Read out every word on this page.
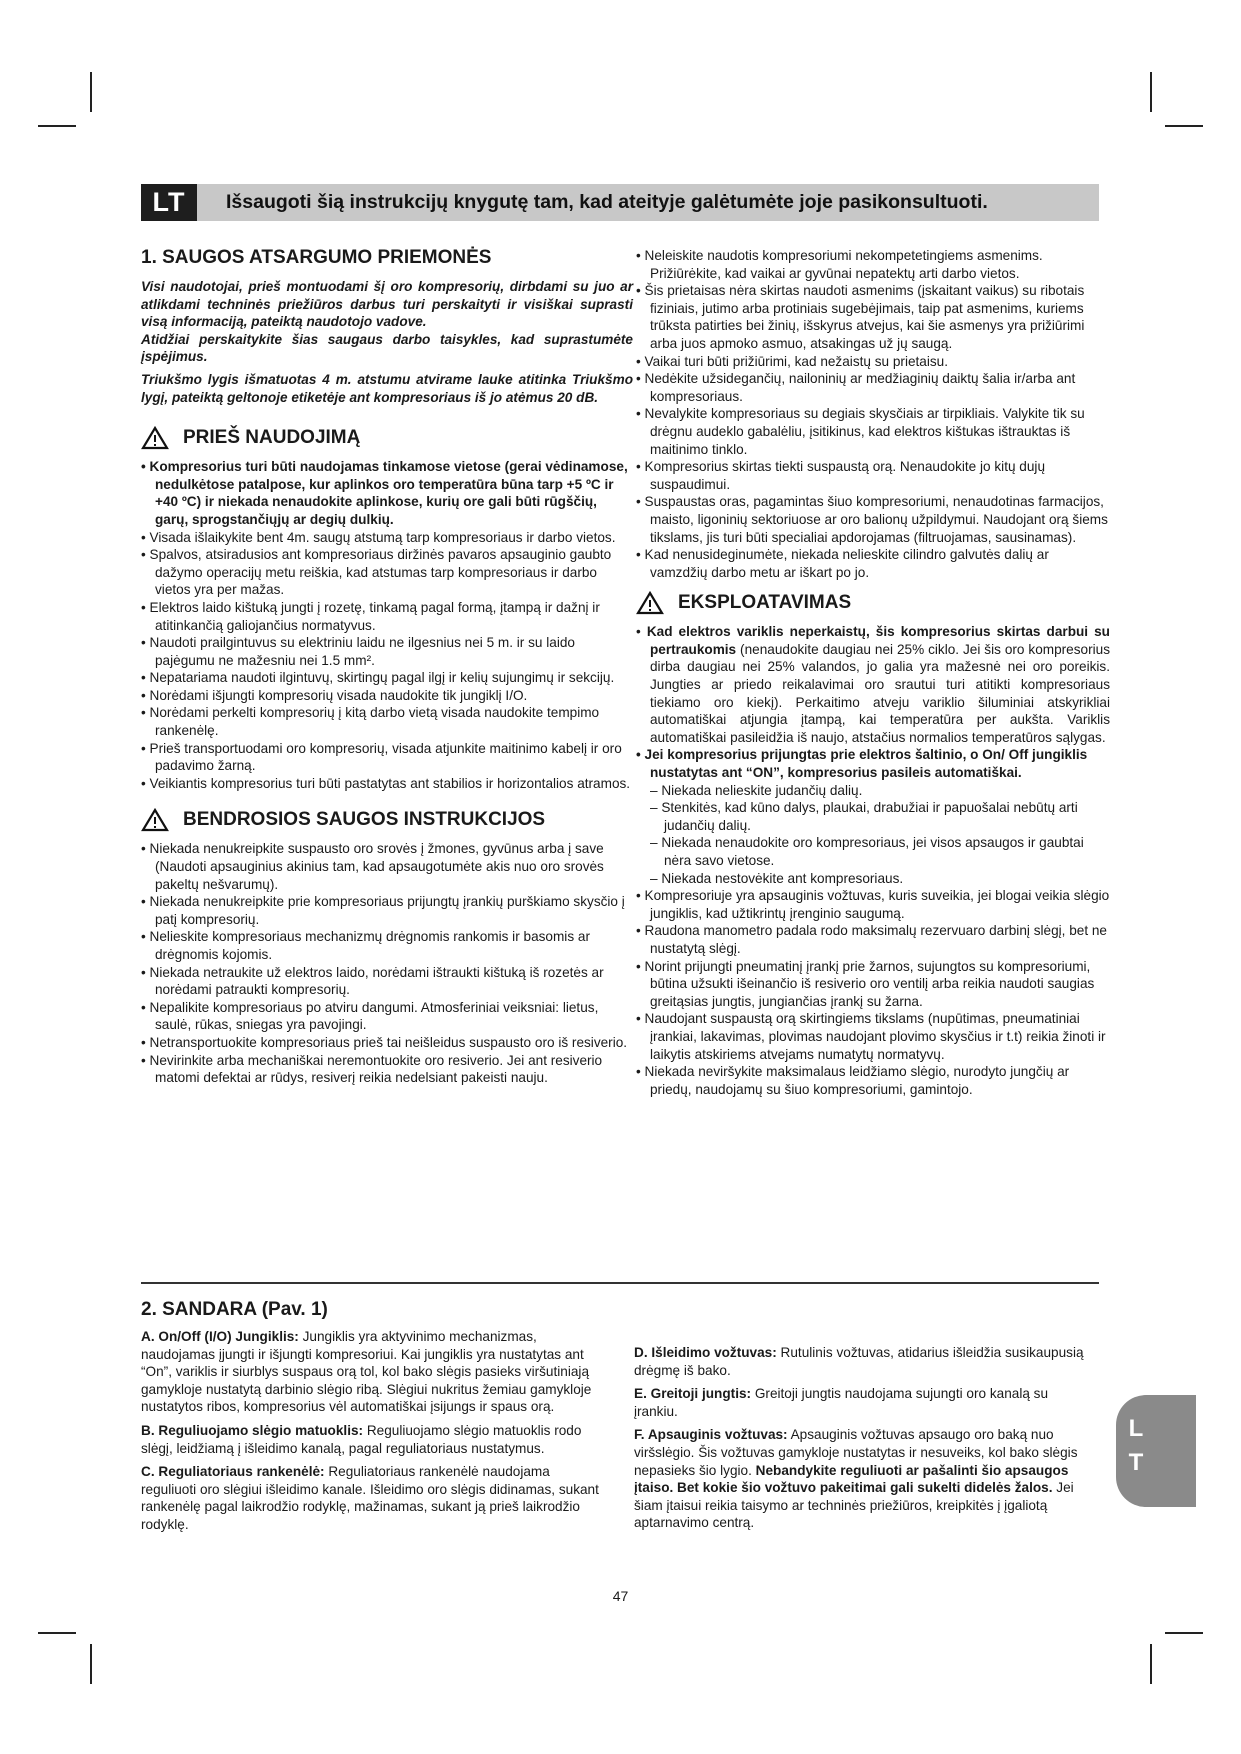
LT	Išsaugoti šią instrukcijų knygutę tam, kad ateityje galėtumėte joje pasikonsultuoti.
1. SAUGOS ATSARGUMO PRIEMONĖS

Visi naudotojai, prieš montuodami šį oro kompresorių, dirbdami su juo ar atlikdami techninės priežiūros darbus turi perskaityti ir visiškai suprasti visą informaciją, pateiktą naudotojo vadove.

Atidžiai perskaitykite šias saugaus darbo taisykles, kad suprastumėte įspėjimus.

Triukšmo lygis išmatuotas 4 m. atstumu atvirame lauke atitinka Triukšmo lygį, pateiktą geltonoje etiketėje ant kompresoriaus iš jo atėmus 20 dB.

PRIEŠ NAUDOJIMĄ

• Kompresorius turi būti naudojamas tinkamose vietose (gerai vėdinamose, nedulkėtose patalpose, kur aplinkos oro temperatūra būna tarp +5 ºC ir +40 ºC) ir niekada nenaudokite aplinkose, kurių ore gali būti rūgščių, garų, sprogstančiųjų ar degių dulkių.

• Visada išlaikykite bent 4m. saugų atstumą tarp kompresoriaus ir darbo vietos.

• Spalvos, atsiradusios ant kompresoriaus diržinės pavaros apsauginio gaubto dažymo operacijų metu reiškia, kad atstumas tarp kompresoriaus ir darbo vietos yra per mažas.

• Elektros laido kištuką jungti į rozetę, tinkamą pagal formą, įtampą ir dažnį ir atitinkančią galiojančius normatyvus.

• Naudoti prailgintuvus su elektriniu laidu ne ilgesnius nei 5 m. ir su laido pajėgumu ne mažesniu nei 1.5 mm².

• Nepatariama naudoti ilgintuvų, skirtingų pagal ilgį ir kelių sujungimų ir sekcijų.

• Norėdami išjungti kompresorių visada naudokite tik jungiklį I/O.

• Norėdami perkelti kompresorių į kitą darbo vietą visada naudokite tempimo rankenėlę.

• Prieš transportuodami oro kompresorių, visada atjunkite maitinimo kabelį ir oro padavimo žarną.

• Veikiantis kompresorius turi būti pastatytas ant stabilios ir horizontalios atramos.

BENDROSIOS SAUGOS INSTRUKCIJOS

• Niekada nenukreipkite suspausto oro srovės į žmones, gyvūnus arba į save (Naudoti apsauginius akinius tam, kad apsaugotumėte akis nuo oro srovės pakeltų nešvarumų).

• Niekada nenukreipkite prie kompresoriaus prijungtų įrankių purškiamo skysčio į patį kompresorių.

• Nelieskite kompresoriaus mechanizmų drėgnomis rankomis ir basomis ar drėgnomis kojomis.

• Niekada netraukite už elektros laido, norėdami ištraukti kištuką iš rozetės ar norėdami patraukti kompresorių.

• Nepalikite kompresoriaus po atviru dangumi. Atmosferiniai veiksniai: lietus, saulė, rūkas, sniegas yra pavojingi.

• Netransportuokite kompresoriaus prieš tai neišleidus suspausto oro iš resiverio.

• Nevirinkite arba mechaniškai neremontuokite oro resiverio. Jei ant resiverio matomi defektai ar rūdys, resiverį reikia nedelsiant pakeisti nauju.

• Neleiskite naudotis kompresoriumi nekompetetingiems asmenims. Prižiūrėkite, kad vaikai ar gyvūnai nepatektų arti darbo vietos.

• Šis prietaisas nėra skirtas naudoti asmenims (įskaitant vaikus) su ribotais fiziniais, jutimo arba protiniais sugebėjimais, taip pat asmenims, kuriems trūksta patirties bei žinių, išskyrus atvejus, kai šie asmenys yra prižiūrimi arba juos apmoko asmuo, atsakingas už jų saugą.

• Vaikai turi būti prižiūrimi, kad nežaistų su prietaisu.

• Nedėkite užsidegančių, nailoninių ar medžiaginių daiktų šalia ir/arba ant kompresoriaus.

• Nevalykite kompresoriaus su degiais skysčiais ar tirpikliais. Valykite tik su drėgnu audeklo gabalėliu, įsitikinus, kad elektros kištukas ištrauktas iš maitinimo tinklo.

• Kompresorius skirtas tiekti suspaustą orą. Nenaudokite jo kitų dujų suspaudimui.

• Suspaustas oras, pagamintas šiuo kompresoriumi, nenaudotinas farmacijos, maisto, ligoninių sektoriuose ar oro balionų užpildymui. Naudojant orą šiems tikslams, jis turi būti specialiai apdorojamas (filtruojamas, sausinamas).

• Kad nenusideginumėte, niekada nelieskite cilindro galvutės dalių ar vamzdžių darbo metu ar iškart po jo.

EKSPLOATAVIMAS

• Kad elektros variklis neperkaistų, šis kompresorius skirtas darbui su pertraukomis (nenaudokite daugiau nei 25% ciklo. Jei šis oro kompresorius dirba daugiau nei 25% valandos, jo galia yra mažesnė nei oro poreikis. Jungties ar priedo reikalavimai oro srautui turi atitikti kompresoriaus tiekiamo oro kiekį). Perkaitimo atveju variklio šiluminiai atskyrikliai automatiškai atjungia įtampą, kai temperatūra per aukšta. Variklis automatiškai pasileidžia iš naujo, atstačius normalios temperatūros sąlygas.

• Jei kompresorius prijungtas prie elektros šaltinio, o On/ Off jungiklis nustatytas ant “ON”, kompresorius pasileis automatiškai.

– Niekada nelieskite judančių dalių.

– Stenkitės, kad kūno dalys, plaukai, drabužiai ir papuošalai nebūtų arti judančių dalių.

– Niekada nenaudokite oro kompresoriaus, jei visos apsaugos ir gaubtai nėra savo vietose.

– Niekada nestovėkite ant kompresoriaus.

• Kompresoriuje yra apsauginis vožtuvas, kuris suveikia, jei blogai veikia slėgio jungiklis, kad užtikrintų įrenginio saugumą.

• Raudona manometro padala rodo maksimalų rezervuaro darbinį slėgį, bet ne nustatytą slėgį.

• Norint prijungti pneumatinį įrankį prie žarnos, sujungtos su kompresoriumi, būtina užsukti išeinančio iš resiverio oro ventilį arba reikia naudoti saugias greitąsias jungtis, jungiančias įrankį su žarna.

• Naudojant suspaustą orą skirtingiems tikslams (nupūtimas, pneumatiniai įrankiai, lakavimas, plovimas naudojant plovimo skysčius ir t.t) reikia žinoti ir laikytis atskiriems atvejams numatytų normatyvų.

• Niekada neviršykite maksimalaus leidžiamo slėgio, nurodyto jungčių ar priedų, naudojamų su šiuo kompresoriumi, gamintojo.

2. SANDARA (Pav. 1)
A. On/Off (I/O) Jungiklis: Jungiklis yra aktyvinimo mechanizmas, naudojamas įjungti ir išjungti kompresoriui. Kai jungiklis yra nustatytas ant “On”, variklis ir siurblys suspaus orą tol, kol bako slėgis pasieks viršutiniają gamykloje nustatytą darbinio slėgio ribą. Slėgiui nukritus žemiau gamykloje nustatytos ribos, kompresorius vėl automatiškai įsijungs ir spaus orą.
B. Reguliuojamo slėgio matuoklis: Reguliuojamo slėgio matuoklis rodo slėgį, leidžiamą į išleidimo kanalą, pagal reguliatoriaus nustatymus.
C. Reguliatoriaus rankenėlė: Reguliatoriaus rankenėlė naudojama reguliuoti oro slėgiui išleidimo kanale. Išleidimo oro slėgis didinamas, sukant rankenėlę pagal laikrodžio rodyklę, mažinamas, sukant ją prieš laikrodžio rodyklę.
D. Išleidimo vožtuvas: Rutulinis vožtuvas, atidarius išleidžia susikaupusią drėgmę iš bako.
E. Greitoji jungtis: Greitoji jungtis naudojama sujungti oro kanalą su įrankiu.
F. Apsauginis vožtuvas: Apsauginis vožtuvas apsaugo oro baką nuo viršslėgio. Šis vožtuvas gamykloje nustatytas ir nesuveiks, kol bako slėgis nepasieks šio lygio. Nebandykite reguliuoti ar pašalinti šio apsaugos įtaiso. Bet kokie šio vožtuvo pakeitimai gali sukelti didelės žalos. Jei šiam įtaisui reikia taisymo ar techninės priežiūros, kreipkitės į įgaliotą aptarnavimo centrą.
L
T
47
